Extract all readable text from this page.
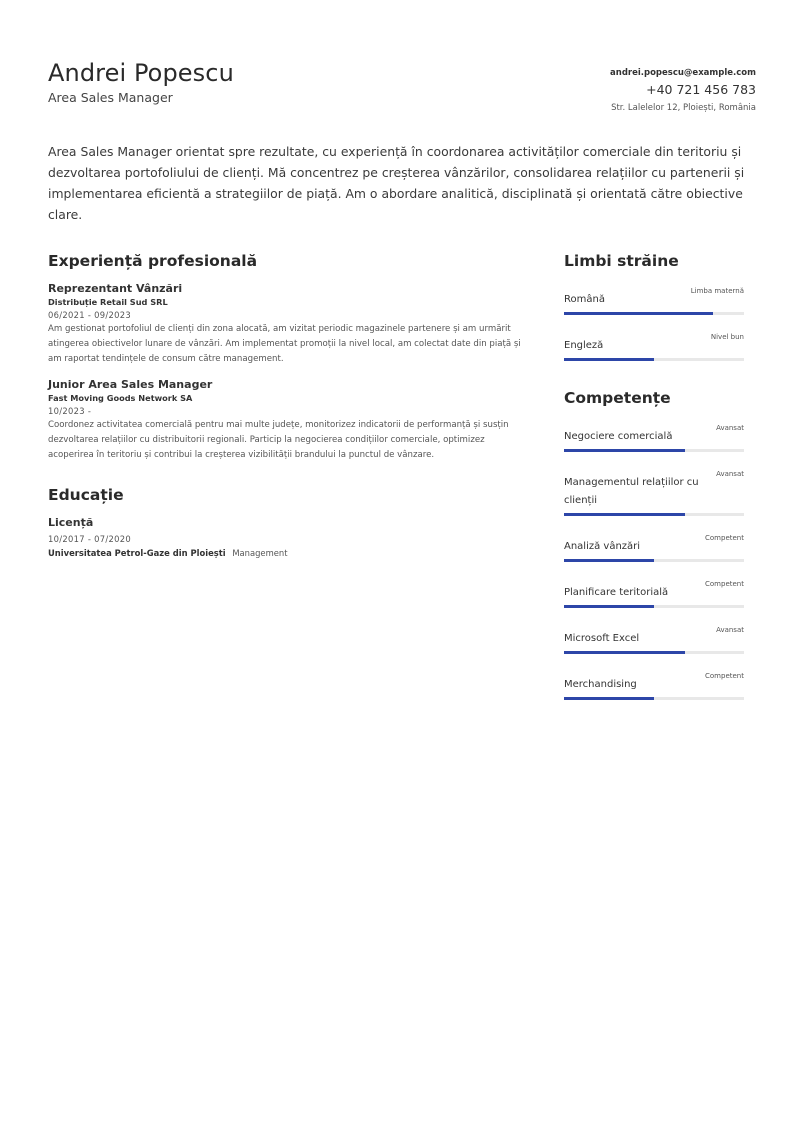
Andrei Popescu
Area Sales Manager
andrei.popescu@example.com
+40 721 456 783
Str. Lalelelor 12, Ploiești, România

Area Sales Manager orientat spre rezultate, cu experiență în coordonarea activităților comerciale din teritoriu și dezvoltarea portofoliului de clienți. Mă concentrez pe creșterea vânzărilor, consolidarea relațiilor cu partenerii și implementarea eficientă a strategiilor de piață. Am o abordare analitică, disciplinată și orientată către obiective clare.

Experiență profesională
Reprezentant Vânzări
Distribuție Retail Sud SRL
06/2021 - 09/2023
Am gestionat portofoliul de clienți din zona alocată, am vizitat periodic magazinele partenere și am urmărit atingerea obiectivelor lunare de vânzări. Am implementat promoții la nivel local, am colectat date din piață și am raportat tendințele de consum către management.
Junior Area Sales Manager
Fast Moving Goods Network SA
10/2023 -
Coordonez activitatea comercială pentru mai multe județe, monitorizez indicatorii de performanță și susțin dezvoltarea relațiilor cu distribuitorii regionali. Particip la negocierea condițiilor comerciale, optimizez acoperirea în teritoriu și contribui la creșterea vizibilității brandului la punctul de vânzare.
Educație
Licență
10/2017 - 07/2020
Universitatea Petrol-Gaze din Ploiești Management
Limbi străine
Română
Limba maternă
Engleză
Nivel bun
Competențe
Negociere comercială
Avansat
Managementul relațiilor cu clienții
Avansat
Analiză vânzări
Competent
Planificare teritorială
Competent
Microsoft Excel
Avansat
Merchandising
Competent
